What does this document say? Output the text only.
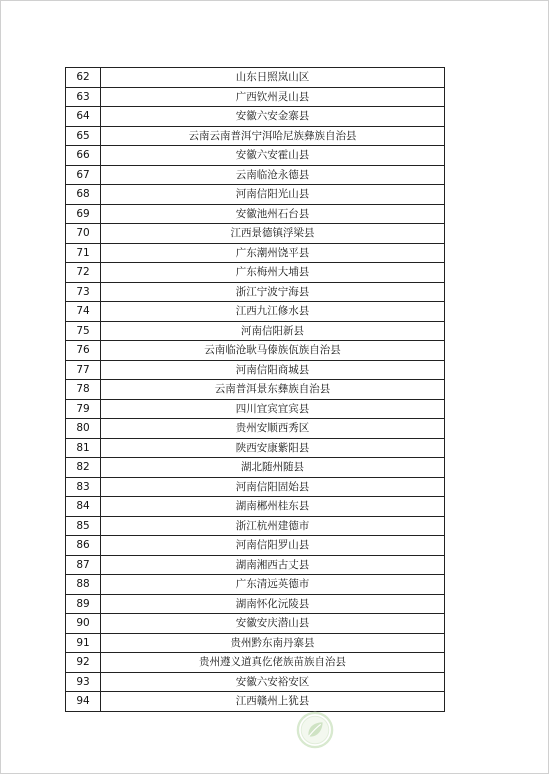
62	山东日照岚山区
63	广西钦州灵山县
64	安徽六安金寨县
65	云南云南普洱宁洱哈尼族彝族自治县
66	安徽六安霍山县
67	云南临沧永德县
68	河南信阳光山县
69	安徽池州石台县
70	江西景德镇浮梁县
71	广东潮州饶平县
72	广东梅州大埔县
73	浙江宁波宁海县
74	江西九江修水县
75	河南信阳新县
76	云南临沧耿马傣族佤族自治县
77	河南信阳商城县
78	云南普洱景东彝族自治县
79	四川宜宾宜宾县
80	贵州安顺西秀区
81	陕西安康紫阳县
82	湖北随州随县
83	河南信阳固始县
84	湖南郴州桂东县
85	浙江杭州建德市
86	河南信阳罗山县
87	湖南湘西古丈县
88	广东清远英德市
89	湖南怀化沅陵县
90	安徽安庆潜山县
91	贵州黔东南丹寨县
92	贵州遵义道真仡佬族苗族自治县
93	安徽六安裕安区
94	江西赣州上犹县
